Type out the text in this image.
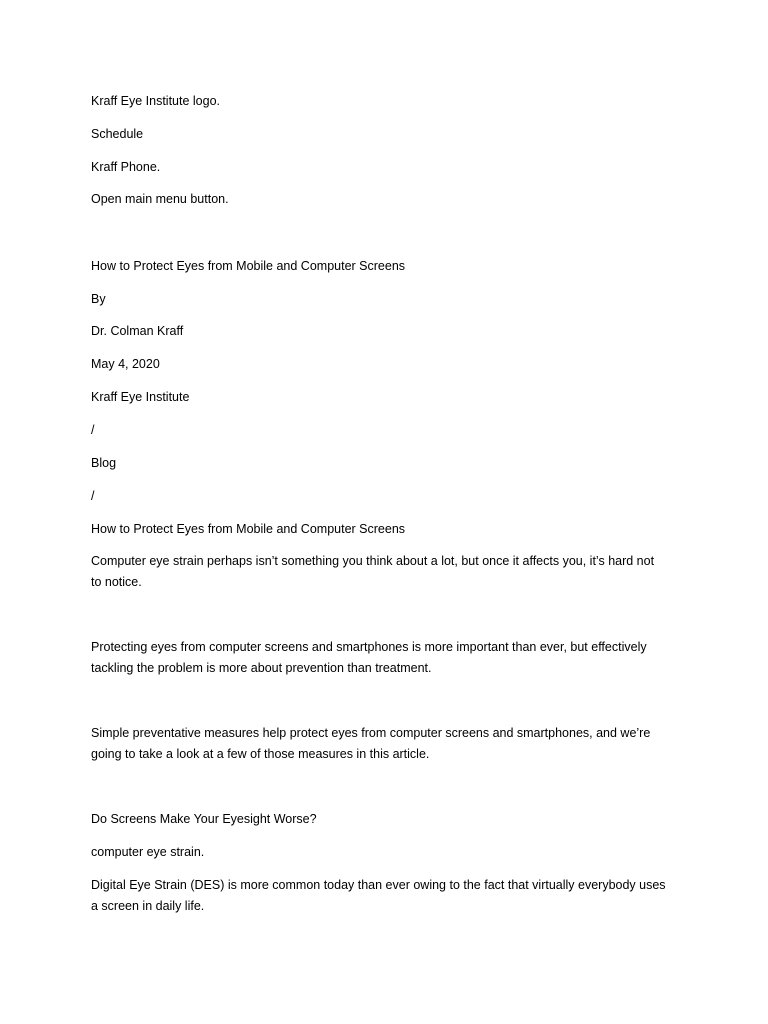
Kraff Eye Institute logo.
Schedule
Kraff Phone.
Open main menu button.
How to Protect Eyes from Mobile and Computer Screens
By
Dr. Colman Kraff
May 4, 2020
Kraff Eye Institute
/
Blog
/
How to Protect Eyes from Mobile and Computer Screens
Computer eye strain perhaps isn’t something you think about a lot, but once it affects you, it’s hard not
to notice.
Protecting eyes from computer screens and smartphones is more important than ever, but effectively
tackling the problem is more about prevention than treatment.
Simple preventative measures help protect eyes from computer screens and smartphones, and we’re
going to take a look at a few of those measures in this article.
Do Screens Make Your Eyesight Worse?
computer eye strain.
Digital Eye Strain (DES) is more common today than ever owing to the fact that virtually everybody uses
a screen in daily life.
